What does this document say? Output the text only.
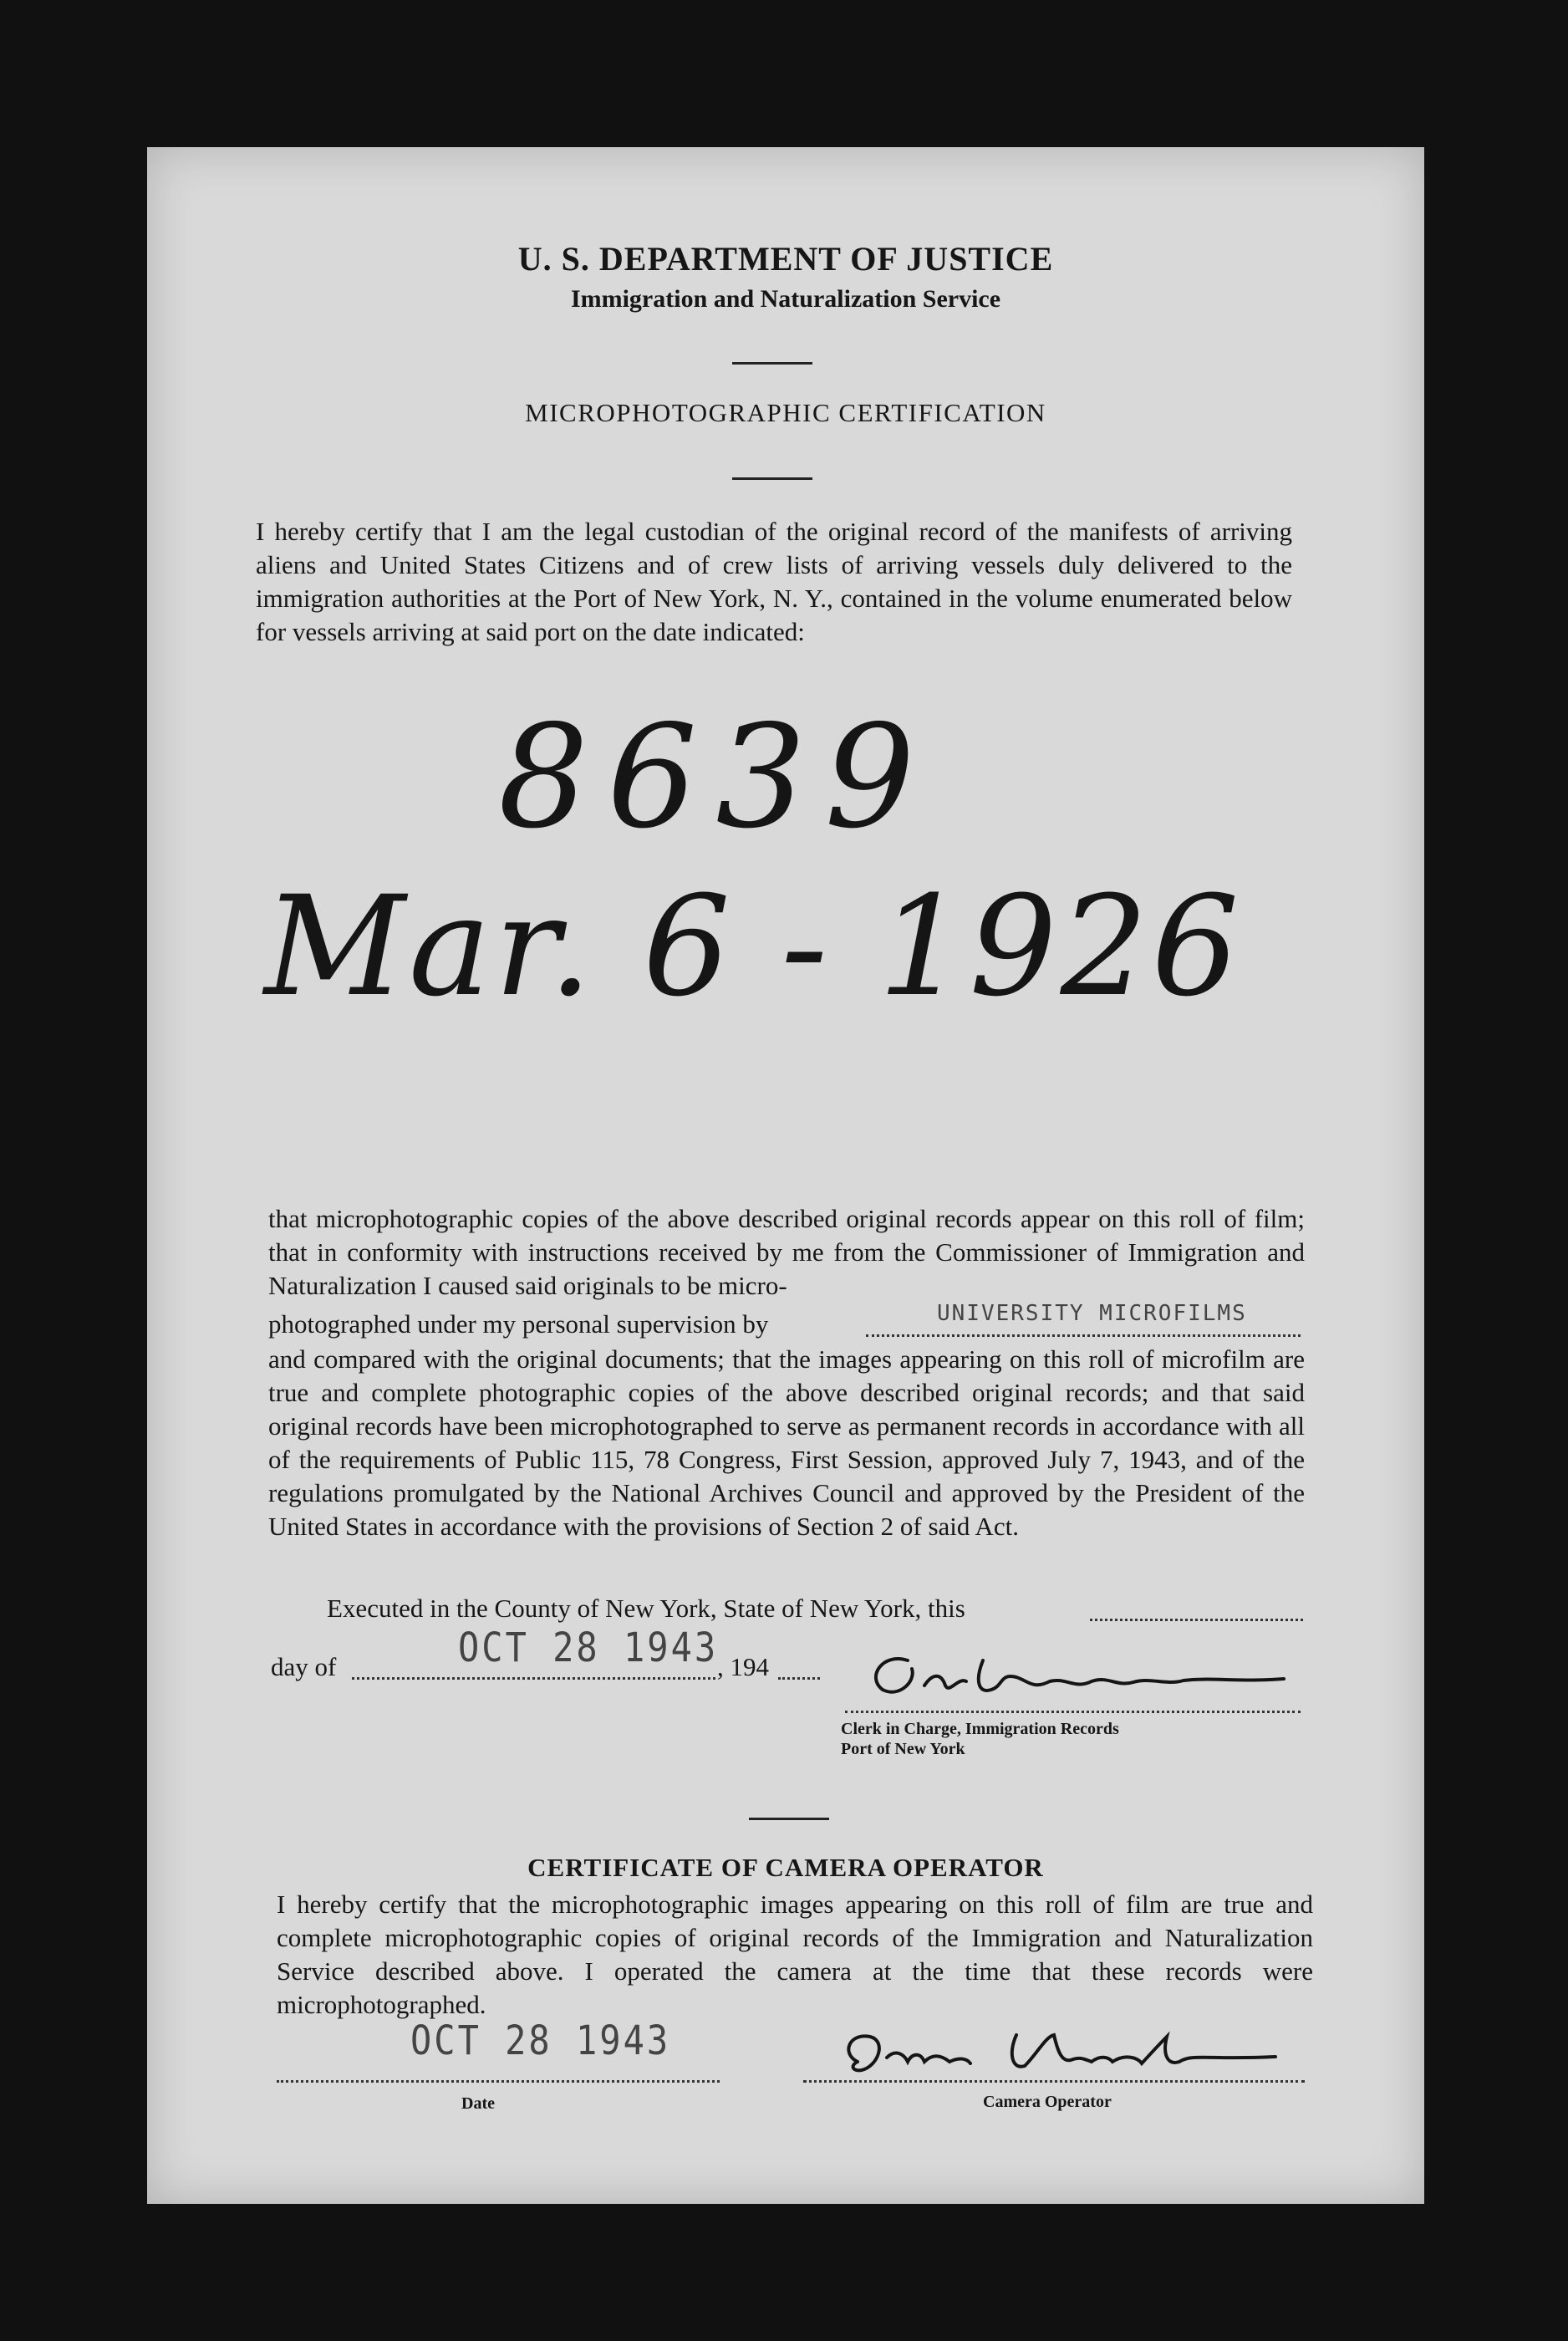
U. S. DEPARTMENT OF JUSTICE
Immigration and Naturalization Service
MICROPHOTOGRAPHIC CERTIFICATION
I hereby certify that I am the legal custodian of the original record of the manifests of arriving aliens and United States Citizens and of crew lists of arriving vessels duly delivered to the immigration authorities at the Port of New York, N. Y., contained in the volume enumerated below for vessels arriving at said port on the date indicated:
8639
Mar. 6 - 1926
that microphotographic copies of the above described original records appear on this roll of film; that in conformity with instructions received by me from the Commissioner of Immigration and Naturalization I caused said originals to be micro-
photographed under my personal supervision by	UNIVERSITY MICROFILMS
and compared with the original documents; that the images appearing on this roll of microfilm are true and complete photographic copies of the above described original records; and that said original records have been microphotographed to serve as permanent records in accordance with all of the requirements of Public 115, 78 Congress, First Session, approved July 7, 1943, and of the regulations promulgated by the National Archives Council and approved by the President of the United States in accordance with the provisions of Section 2 of said Act.
Executed in the County of New York, State of New York, this
day of	OCT 28 1943
, 194
Clerk in Charge, Immigration Records
Port of New York
CERTIFICATE OF CAMERA OPERATOR
I hereby certify that the microphotographic images appearing on this roll of film are true and complete microphotographic copies of original records of the Immigration and Naturalization Service described above. I operated the camera at the time that these records were microphotographed.
OCT 28 1943
Date	Camera Operator
